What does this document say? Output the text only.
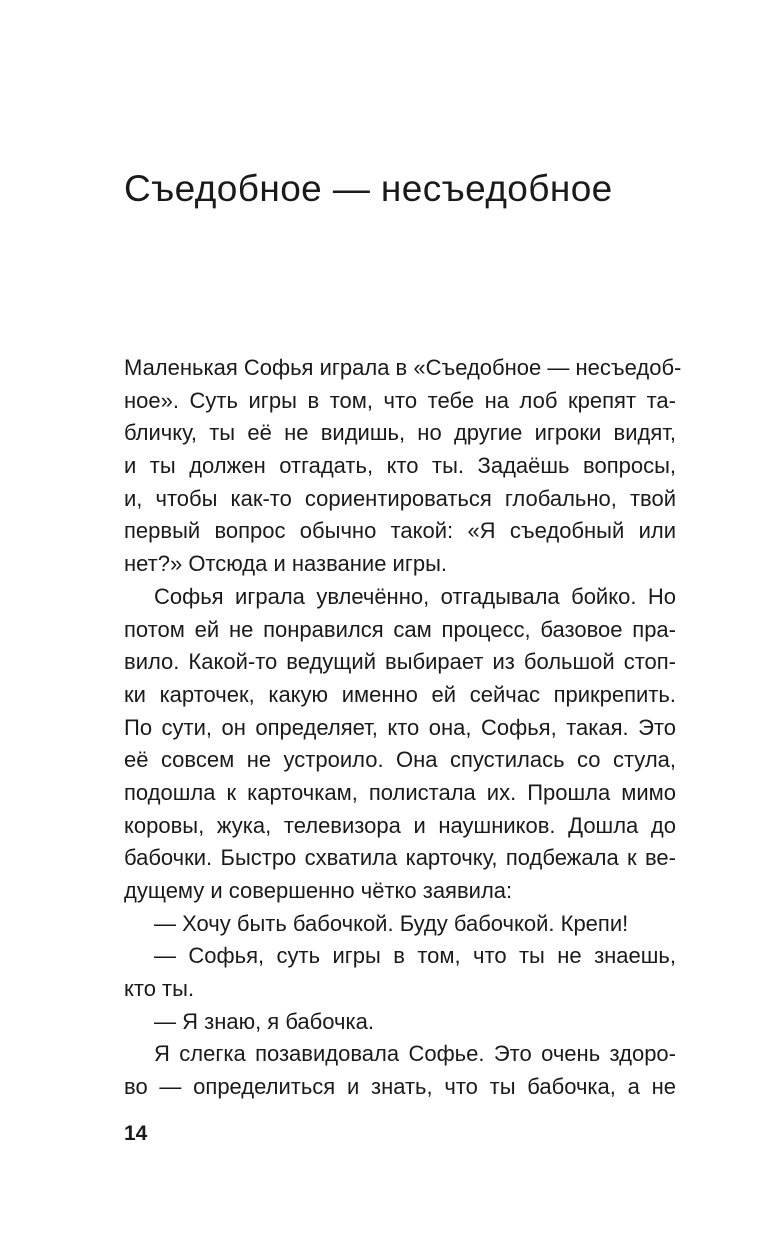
Съедобное — несъедобное
Маленькая Софья играла в «Съедобное — несъедоб-
ное». Суть игры в том, что тебе на лоб крепят та-
бличку, ты её не видишь, но другие игроки видят,
и ты должен отгадать, кто ты. Задаёшь вопросы,
и, чтобы как-то сориентироваться глобально, твой
первый вопрос обычно такой: «Я съедобный или
нет?» Отсюда и название игры.
Софья играла увлечённо, отгадывала бойко. Но
потом ей не понравился сам процесс, базовое пра-
вило. Какой-то ведущий выбирает из большой стоп-
ки карточек, какую именно ей сейчас прикрепить.
По сути, он определяет, кто она, Софья, такая. Это
её совсем не устроило. Она спустилась со стула,
подошла к карточкам, полистала их. Прошла мимо
коровы, жука, телевизора и наушников. Дошла до
бабочки. Быстро схватила карточку, подбежала к ве-
дущему и совершенно чётко заявила:
— Хочу быть бабочкой. Буду бабочкой. Крепи!
— Софья, суть игры в том, что ты не знаешь,
кто ты.
— Я знаю, я бабочка.
Я слегка позавидовала Софье. Это очень здоро-
во — определиться и знать, что ты бабочка, а не
14
